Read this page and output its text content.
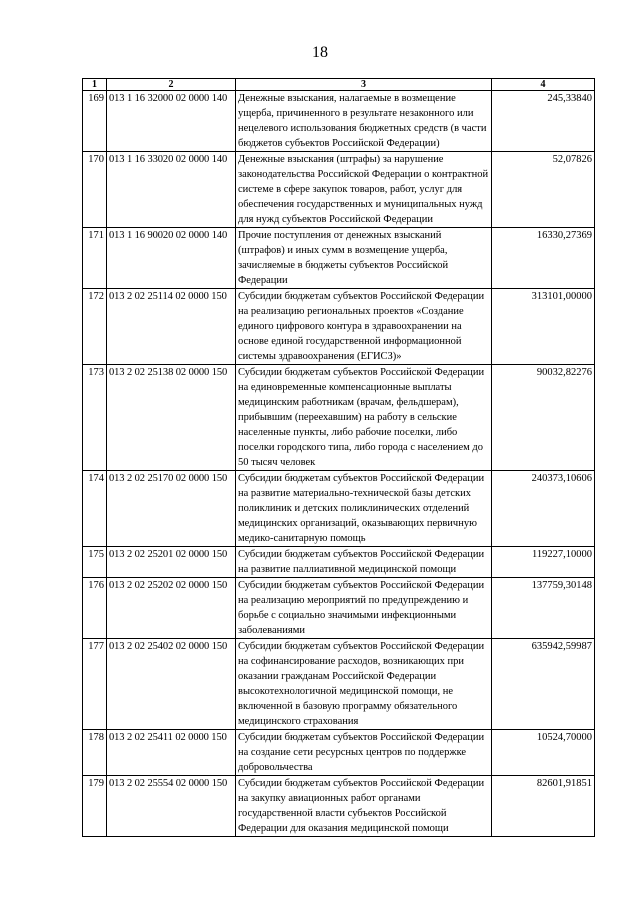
18
1	2	3	4
169	013 1 16 32000 02 0000 140	Денежные взыскания, налагаемые в возмещение ущерба, причиненного в результате незаконного или нецелевого использования бюджетных средств (в части бюджетов субъектов Российской Федерации)	245,33840
170	013 1 16 33020 02 0000 140	Денежные взыскания (штрафы) за нарушение законодательства Российской Федерации о контрактной системе в сфере закупок товаров, работ, услуг для обеспечения государственных и муниципальных нужд для нужд субъектов Российской Федерации	52,07826
171	013 1 16 90020 02 0000 140	Прочие поступления от денежных взысканий (штрафов) и иных сумм в возмещение ущерба, зачисляемые в бюджеты субъектов Российской Федерации	16330,27369
172	013 2 02 25114 02 0000 150	Субсидии бюджетам субъектов Российской Федерации на реализацию региональных проектов «Создание единого цифрового контура в здравоохранении на основе единой государственной информационной системы здравоохранения (ЕГИСЗ)»	313101,00000
173	013 2 02 25138 02 0000 150	Субсидии бюджетам субъектов Российской Федерации на единовременные компенсационные выплаты медицинским работникам (врачам, фельдшерам), прибывшим (переехавшим) на работу в сельские населенные пункты, либо рабочие поселки, либо поселки городского типа, либо города с населением до 50 тысяч человек	90032,82276
174	013 2 02 25170 02 0000 150	Субсидии бюджетам субъектов Российской Федерации на развитие материально-технической базы детских поликлиник и детских поликлинических отделений медицинских организаций, оказывающих первичную медико-санитарную помощь	240373,10606
175	013 2 02 25201 02 0000 150	Субсидии бюджетам субъектов Российской Федерации на развитие паллиативной медицинской помощи	119227,10000
176	013 2 02 25202 02 0000 150	Субсидии бюджетам субъектов Российской Федерации на реализацию мероприятий по предупреждению и борьбе с социально значимыми инфекционными заболеваниями	137759,30148
177	013 2 02 25402 02 0000 150	Субсидии бюджетам субъектов Российской Федерации на софинансирование расходов, возникающих при оказании гражданам Российской Федерации высокотехнологичной медицинской помощи, не включенной в базовую программу обязательного медицинского страхования	635942,59987
178	013 2 02 25411 02 0000 150	Субсидии бюджетам субъектов Российской Федерации на создание сети ресурсных центров по поддержке добровольчества	10524,70000
179	013 2 02 25554 02 0000 150	Субсидии бюджетам субъектов Российской Федерации на закупку авиационных работ органами государственной власти субъектов Российской Федерации для оказания медицинской помощи	82601,91851
